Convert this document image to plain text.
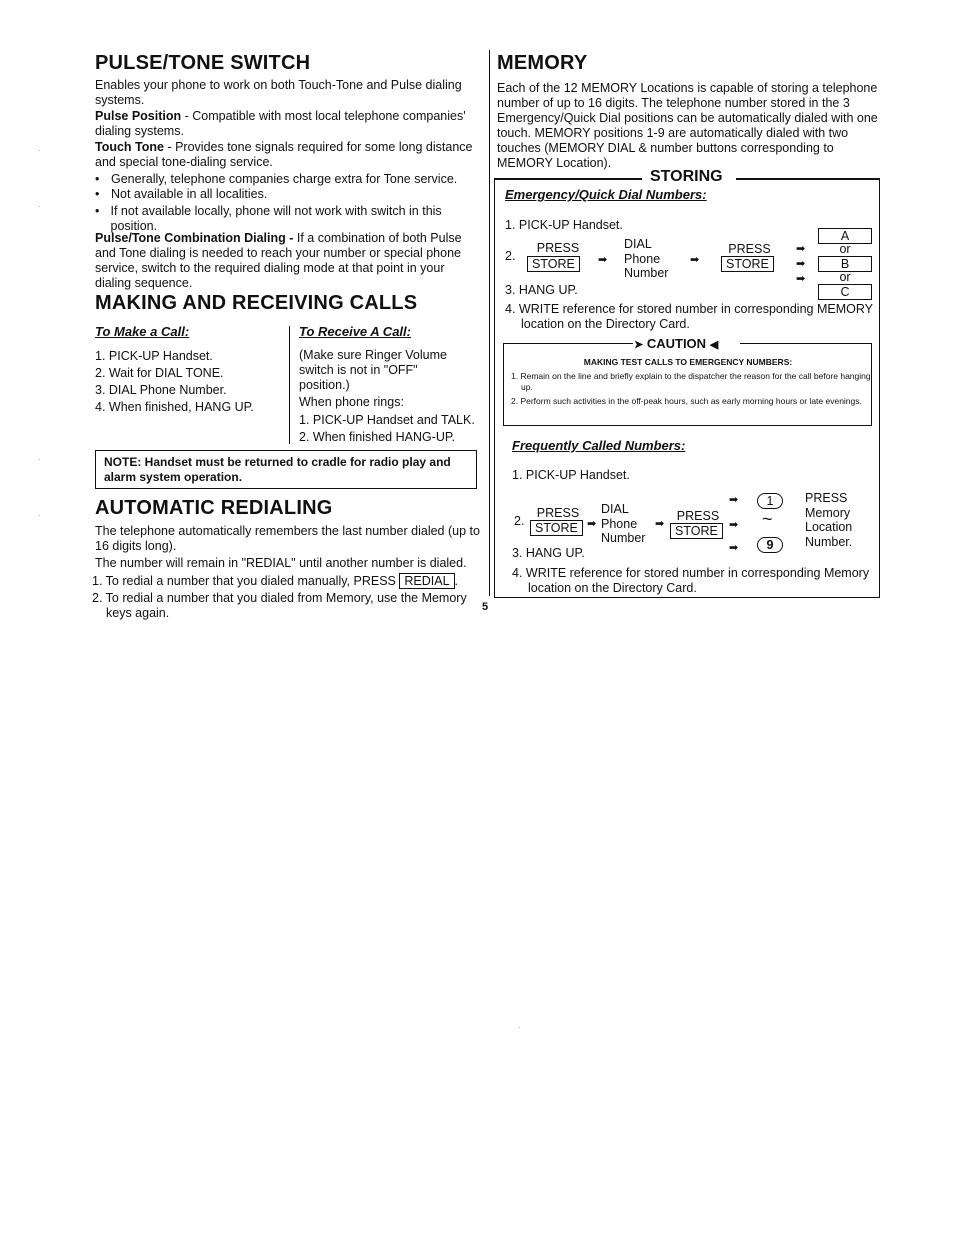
PULSE/TONE SWITCH
Enables your phone to work on both Touch-Tone and Pulse dialing systems.
Pulse Position - Compatible with most local telephone companies' dialing systems.
Touch Tone - Provides tone signals required for some long distance and special tone-dialing service.
• Generally, telephone companies charge extra for Tone service.
• Not available in all localities.
• If not available locally, phone will not work with switch in this position.
Pulse/Tone Combination Dialing - If a combination of both Pulse and Tone dialing is needed to reach your number or special phone service, switch to the required dialing mode at that point in your dialing sequence.
MAKING AND RECEIVING CALLS
To Make a Call:
1. PICK-UP Handset.
2. Wait for DIAL TONE.
3. DIAL Phone Number.
4. When finished, HANG UP.
To Receive A Call:
(Make sure Ringer Volume switch is not in "OFF" position.)
When phone rings:
1. PICK-UP Handset and TALK.
2. When finished HANG-UP.
NOTE: Handset must be returned to cradle for radio play and alarm system operation.
AUTOMATIC REDIALING
The telephone automatically remembers the last number dialed (up to 16 digits long).
The number will remain in "REDIAL" until another number is dialed.
1. To redial a number that you dialed manually, PRESS REDIAL .
2. To redial a number that you dialed from Memory, use the Memory keys again.	5
MEMORY
Each of the 12 MEMORY Locations is capable of storing a telephone number of up to 16 digits. The telephone number stored in the 3 Emergency/Quick Dial positions can be automatically dialed with one touch. MEMORY positions 1-9 are automatically dialed with two touches (MEMORY DIAL & number buttons corresponding to MEMORY Location).
STORING
Emergency/Quick Dial Numbers:
1. PICK-UP Handset.
2.
PRESS
STORE	➡
DIAL
Phone
Number
➡
PRESS
STORE
➡
➡
➡
A
or
B
or
C
3. HANG UP.
4. WRITE reference for stored number in corresponding MEMORY location on the Directory Card.
➤ CAUTION ◀
MAKING TEST CALLS TO EMERGENCY NUMBERS:
1. Remain on the line and briefly explain to the dispatcher the reason for the call before hanging up.
2. Perform such activities in the off-peak hours, such as early morning hours or late evenings.
Frequently Called Numbers:
1. PICK-UP Handset.
2.
PRESS
STORE ➡
DIAL
Phone
Number
➡
PRESS
STORE
➡
➡
➡
1
~
9
PRESS
Memory
Location
Number.
3. HANG UP.
4. WRITE reference for stored number in corresponding Memory location on the Directory Card.
